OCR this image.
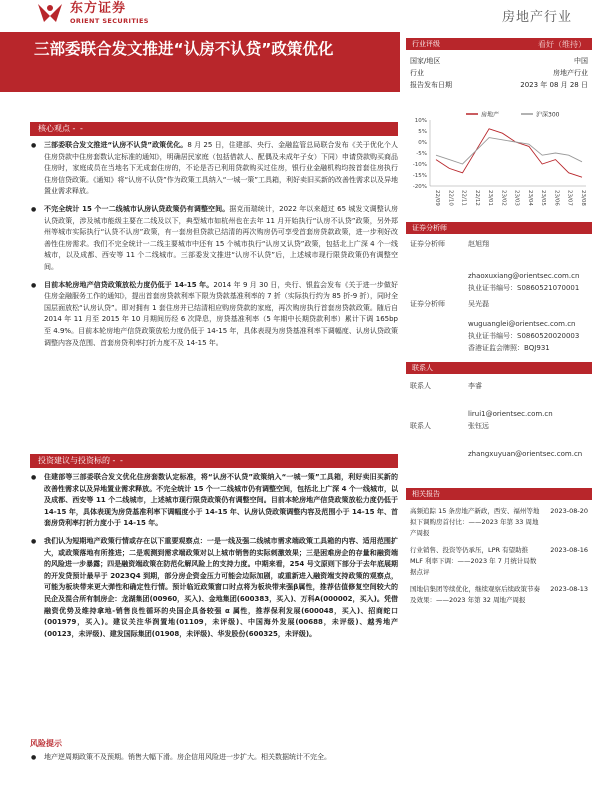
东方证券
ORIENT SECURITIES	房地产行业
三部委联合发文推进“认房不认贷”政策优化	行业评级	看好（维持）
国家/地区	中国
行业	房地产行业
报告发布日期	2023 年 08 月 28 日
房地产	沪深300
10%
5%
0%
-5%
-10%
-15%
-20%
22/09 22/10 22/11 22/12 23/01 23/02 23/03 23/04 23/05 23/06 23/07 23/08
证券分析师
证券分析师	赵旭翔
zhaoxuxiang@orientsec.com.cn
执业证书编号：S0860521070001
证券分析师	吴光磊
wuguanglei@orientsec.com.cn
执业证书编号：S0860520020003
香港证监会牌照：BQJ931
联系人
联系人	李睿
lirui1@orientsec.com.cn
联系人	张钰远
zhangxuyuan@orientsec.com.cn
相关报告
高频追踪 15 条房地产新政，西安、福州等地拟下调购房首付比：——2023 年第 33 周地产周报
2023-08-20
行业销售、投资等仍承压，LPR 有望助推 MLF 利率下调：——2023 年 7 月统计局数据点评
2023-08-16
国地信集团等续优化，继续观察后续政策节奏及效果：——2023 年第 32 周地产周报
2023-08-13
核心观点 - -
● 三部委联合发文推进“认房不认贷”政策优化。8 月 25 日，住建部、央行、金融监管总局联合发布《关于优化个人住房贷款中住房套数认定标准的通知》，明确居民家庭（包括借款人、配偶及未成年子女）下同）申请贷款购买商品住房时，家庭成员在当地名下无成套住房的，不论是否已利用贷款购买过住房，银行业金融机构均按首套住房执行住房信贷政策。《通知》将“认房不认贷”作为政策工具纳入“一城一策”工具箱，利好卖旧买新的改善性需求以及异地置业需求释放。
● 不完全统计 15 个一二线城市认房认贷政策仍有调整空间。据克而瑞统计，2022 年以来超过 65 城发文调整认房认贷政策，涉及城市能级主要在二线及以下，典型城市如杭州也在去年 11 月开始执行“认房不认贷”政策，另外郑州等城市实际执行“认贷不认房”政策，有一套房但贷款已结清的再次购房仍可享受首套房贷款政策，进一步利好改善性住房需求。我们不完全统计一二线主要城市中还有 15 个城市执行“认房又认贷”政策，包括北上广深 4 个一线城市，以及成都、西安等 11 个二线城市。三部委发文推进“认房不认贷”后，上述城市现行限贷政策仍有调整空间。
● 目前本轮房地产信贷政策放松力度仍低于 14-15 年。2014 年 9 月 30 日，央行、银监会发布《关于进一步做好住房金融服务工作的通知》，提出首套房贷款利率下限为贷款基准利率的 7 折（实际执行约为 85 折-9 折），同时全国层面放松“认房认贷”。即对拥有 1 套住房并已结清相应购房贷款的家庭，再次购房执行首套房贷款政策。随后自 2014 年 11 月至 2015 年 10 月期间历经 6 次降息，房贷基准利率（5 年期中长期贷款利率）累计下调 165bp 至 4.9%。目前本轮房地产信贷政策放松力度仍低于 14-15 年，具体表现为房贷基准利率下调幅度、认房认贷政策调整内容及范围、首套房贷利率打折力度不及 14-15 年。
投资建议与投资标的 - -
● 住建部等三部委联合发文优化住房套数认定标准，将“认房不认贷”政策纳入“一城一策”工具箱，利好卖旧买新的改善性需求以及异地置业需求释放。不完全统计 15 个一二线城市仍有调整空间，包括北上广深 4 个一线城市，以及成都、西安等 11 个二线城市，上述城市现行限贷政策仍有调整空间。目前本轮房地产信贷政策放松力度仍低于 14-15 年，具体表现为房贷基准利率下调幅度小于 14-15 年、认房认贷政策调整内容及范围小于 14-15 年、首套房贷利率打折力度小于 14-15 年。
● 我们认为短期地产政策行情或存在以下重要观察点：一是一线及强二线城市需求端政策工具箱的内容、适用范围扩大，或政策落地有所推进；二是观测到需求端政策对以上城市销售的实际刺激效果；三是困难房企的存量和融资端的风险进一步暴露；四是融资端政策在防范化解风险上的支持力度。中期来看，254 号文原则下部分于去年底展期的开发贷预计最早于 2023Q4 到期，部分房企资金压力可能会边际加剧，或重新进入融资端支持政策的观察点，可能为板块带来更大弹性和确定性行情。预计临近政策窗口时点将为板块带来强β属性，推荐估值修复空间较大的民企及混合所有制房企：龙湖集团(00960，买入)、金地集团(600383，买入)、万科A(000002，买入)。凭借融资优势及维持拿地-销售良性循环的央国企具备较强 α 属性，推荐保利发展(600048，买入)、招商蛇口(001979，买入)。建议关注华润置地(01109，未评级)、中国海外发展(00688，未评级)、越秀地产(00123，未评级)、建发国际集团(01908，未评级)、华发股份(600325，未评级)。
风险提示
● 地产逆周期政策不及预期。销售大幅下滑。房企信用风险进一步扩大。相关数据统计不完全。
